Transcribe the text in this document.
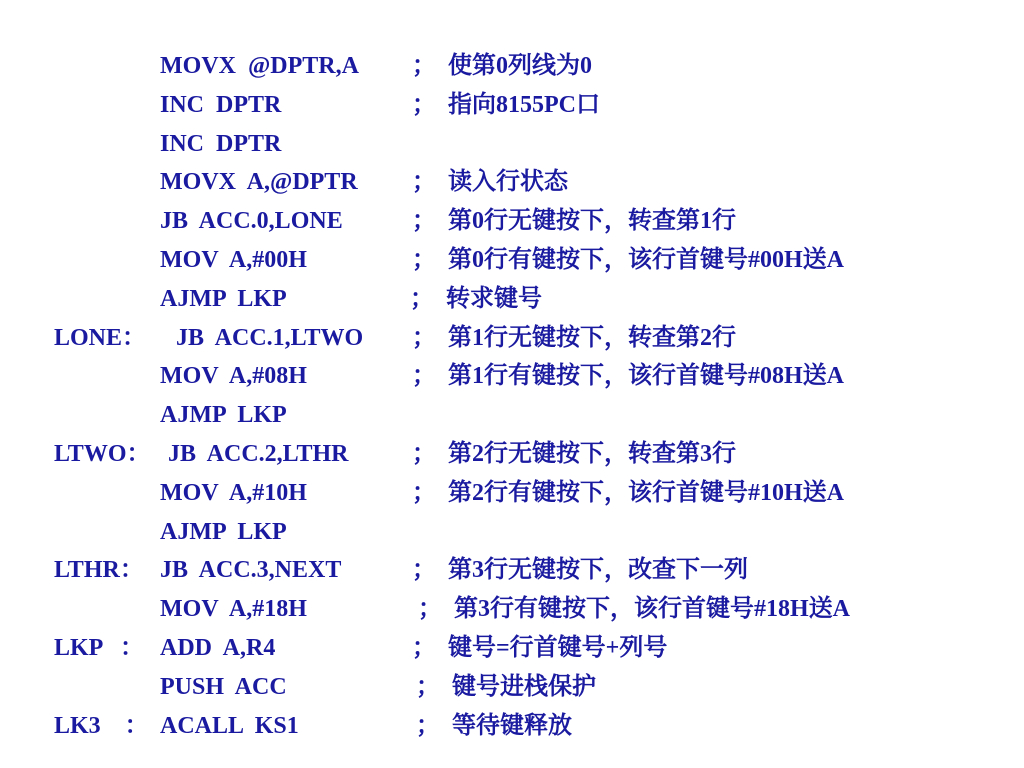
MOVX  @DPTR,A ；  使第0列线为0
INC  DPTR	；  指向8155PC口
INC  DPTR
MOVX  A,@DPTR ；  读入行状态
JB  ACC.0,LONE	；  第0行无键按下，转查第1行
MOV  A,#00H	；  第0行有键按下，该行首键号#00H送A
AJMP  LKP	；  转求键号
LONE： JB  ACC.1,LTWO ；  第1行无键按下，转查第2行
MOV  A,#08H	；  第1行有键按下，该行首键号#08H送A
AJMP  LKP
LTWO： JB  ACC.2,LTHR	；  第2行无键按下，转查第3行
MOV  A,#10H	；  第2行有键按下，该行首键号#10H送A
AJMP  LKP
LTHR： JB  ACC.3,NEXT	；  第3行无键按下，改查下一列
MOV  A,#18H	；  第3行有键按下，该行首键号#18H送A
LKP   ： ADD  A,R4	；  键号=行首键号+列号
PUSH  ACC	；  键号进栈保护
LK3    ： ACALL  KS1	；  等待键释放
